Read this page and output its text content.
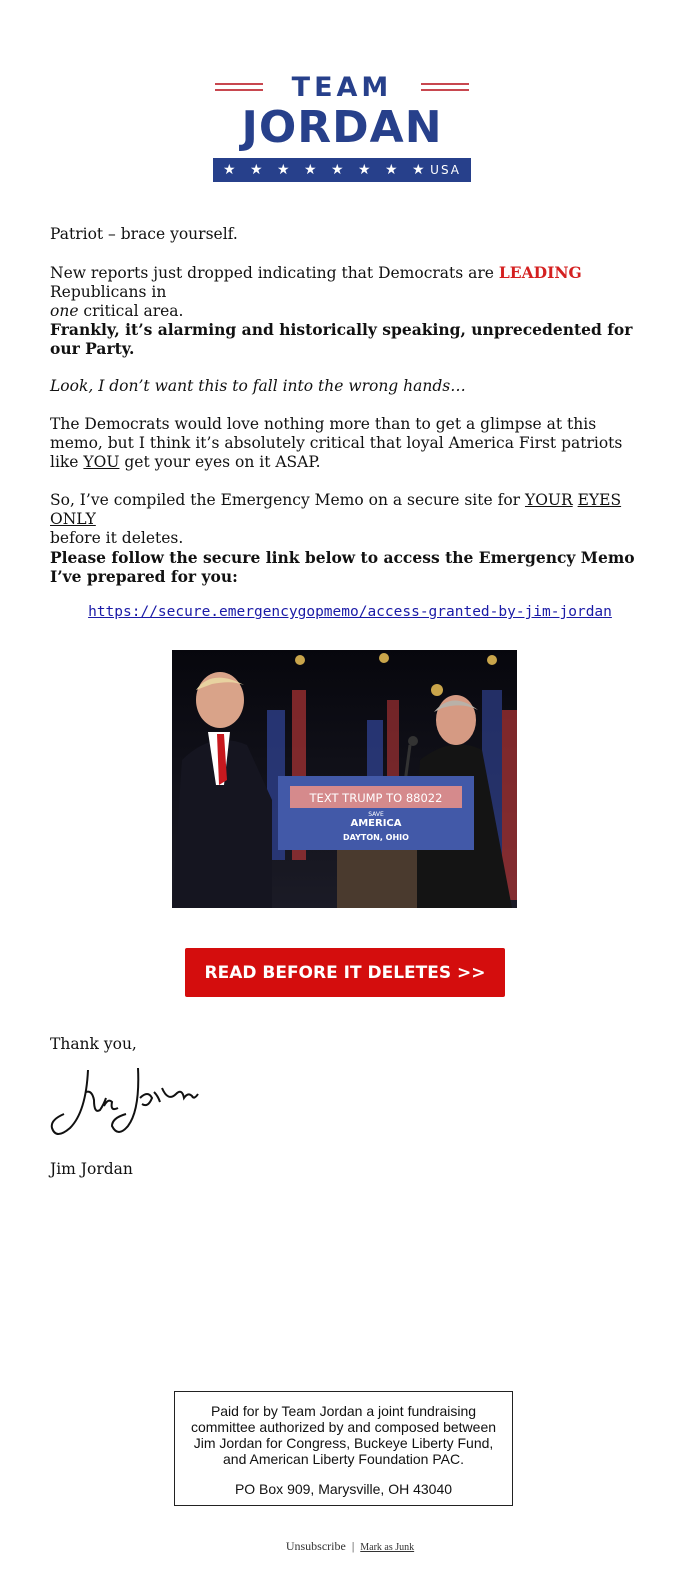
TEAM
JORDAN
★ ★ ★ ★ ★ ★ ★ ★ USA

Patriot – brace yourself.

New reports just dropped indicating that Democrats are LEADING Republicans in
one critical area.

Frankly, it’s alarming and historically speaking, unprecedented for our Party.

Look, I don’t want this to fall into the wrong hands…

The Democrats would love nothing more than to get a glimpse at this memo, but I think it’s absolutely critical that loyal America First patriots like YOU get your eyes on it ASAP.

So, I’ve compiled the Emergency Memo on a secure site for YOUR EYES ONLY
before it deletes.

Please follow the secure link below to access the Emergency Memo I’ve prepared for you:

https://secure.emergencygopmemo/access-granted-by-jim-jordan
TEXT TRUMP TO 88022
SAVE
AMERICA
DAYTON, OHIO
READ BEFORE IT DELETES >>

Thank you,

Jim Jordan

Paid for by Team Jordan a joint fundraising committee authorized by and composed between Jim Jordan for Congress, Buckeye Liberty Fund, and American Liberty Foundation PAC.
PO Box 909, Marysville, OH 43040
Unsubscribe | Mark as Junk
